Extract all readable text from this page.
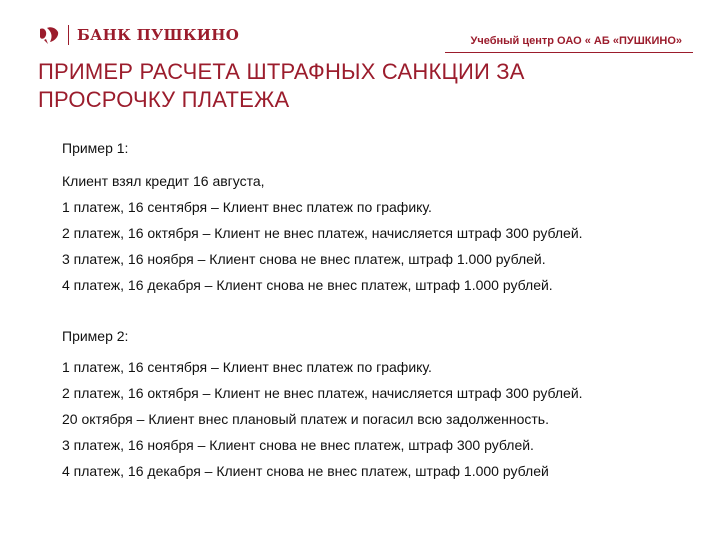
БАНК ПУШКИНО	Учебный центр ОАО « АБ «ПУШКИНО»
ПРИМЕР РАСЧЕТА ШТРАФНЫХ САНКЦИИ ЗА
ПРОСРОЧКУ ПЛАТЕЖА
Пример 1:
Клиент взял кредит 16 августа,
1 платеж, 16 сентября – Клиент внес платеж по графику.
2 платеж, 16 октября – Клиент не внес платеж, начисляется штраф 300 рублей.
3 платеж, 16 ноября – Клиент снова не внес платеж, штраф 1.000 рублей.
4 платеж, 16 декабря – Клиент снова не внес платеж, штраф 1.000 рублей.
Пример 2:
1 платеж, 16 сентября – Клиент внес платеж по графику.
2 платеж, 16 октября – Клиент не внес платеж, начисляется штраф 300 рублей.
20 октября – Клиент внес плановый платеж и погасил всю задолженность.
3 платеж, 16 ноября – Клиент снова не внес платеж, штраф 300 рублей.
4 платеж, 16 декабря – Клиент снова не внес платеж, штраф 1.000 рублей
